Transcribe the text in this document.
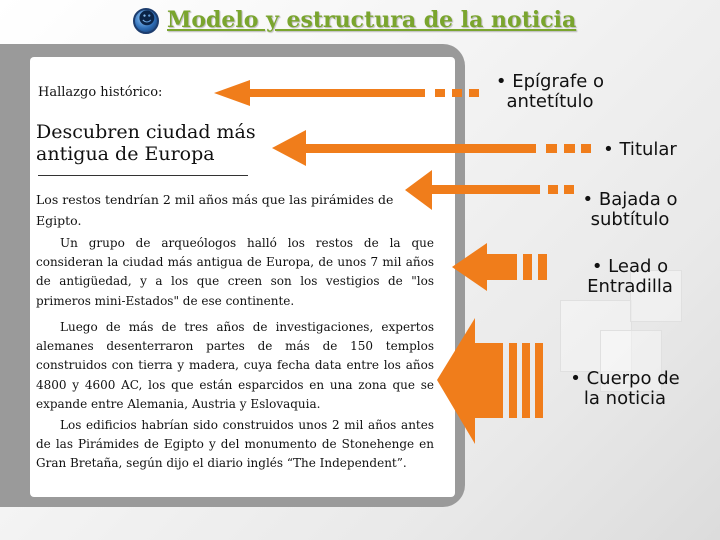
☻
Modelo y estructura de la noticia
Hallazgo histórico:
Descubren ciudad más antigua de Europa
Los restos tendrían 2 mil años más que las pirámides de Egipto.

Un grupo de arqueólogos halló los restos de la que consideran la ciudad más antigua de Europa, de unos 7 mil años de antigüedad, y a los que creen son los vestigios de "los primeros mini-Estados" de ese continente.

Luego de más de tres años de investigaciones, expertos alemanes desenterraron partes de más de 150 templos construidos con tierra y madera, cuya fecha data entre los años 4800 y 4600 AC, los que están esparcidos en una zona que se expande entre Alemania, Austria y Eslovaquia.

Los edificios habrían sido construidos unos 2 mil años antes de las Pirámides de Egipto y del monumento de Stonehenge en Gran Bretaña, según dijo el diario inglés “The Independent”.

• Epígrafe o
antetítulo
• Titular
• Bajada o
subtítulo
• Lead o
Entradilla
• Cuerpo de
la noticia
